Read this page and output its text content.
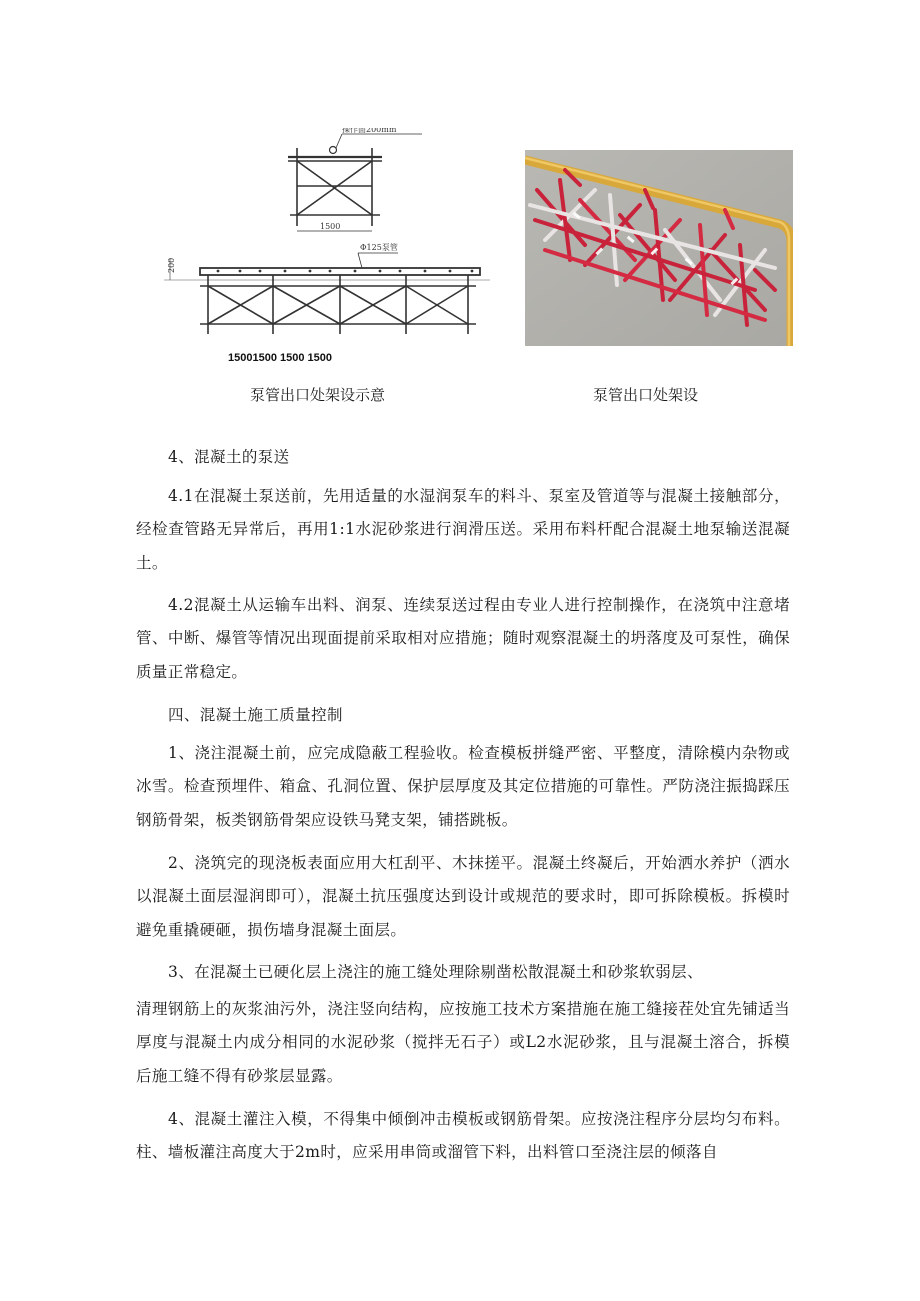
操作面200mm
1500
Φ125泵管
200
15001500 1500 1500
泵管出口处架设示意	泵管出口处架设

4、混凝土的泵送

4.1在混凝土泵送前，先用适量的水湿润泵车的料斗、泵室及管道等与混凝土接触部分，经检查管路无异常后，再用1:1水泥砂浆进行润滑压送。采用布料杆配合混凝土地泵输送混凝土。

4.2混凝土从运输车出料、润泵、连续泵送过程由专业人进行控制操作，在浇筑中注意堵管、中断、爆管等情况出现面提前采取相对应措施；随时观察混凝土的坍落度及可泵性，确保质量正常稳定。

四、混凝土施工质量控制

1、浇注混凝土前，应完成隐蔽工程验收。检查模板拼缝严密、平整度，清除模内杂物或冰雪。检查预埋件、箱盒、孔洞位置、保护层厚度及其定位措施的可靠性。严防浇注振捣踩压钢筋骨架，板类钢筋骨架应设铁马凳支架，铺搭跳板。

2、浇筑完的现浇板表面应用大杠刮平、木抹搓平。混凝土终凝后，开始洒水养护（洒水以混凝土面层湿润即可），混凝土抗压强度达到设计或规范的要求时，即可拆除模板。拆模时避免重撬硬砸，损伤墙身混凝土面层。

3、在混凝土已硬化层上浇注的施工缝处理除剔凿松散混凝土和砂浆软弱层、

清理钢筋上的灰浆油污外，浇注竖向结构，应按施工技术方案措施在施工缝接茬处宜先铺适当厚度与混凝土内成分相同的水泥砂浆（搅拌无石子）或L2水泥砂浆，且与混凝土溶合，拆模后施工缝不得有砂浆层显露。

4、混凝土灌注入模，不得集中倾倒冲击模板或钢筋骨架。应按浇注程序分层均匀布料。柱、墙板灌注高度大于2m时，应采用串筒或溜管下料，出料管口至浇注层的倾落自
